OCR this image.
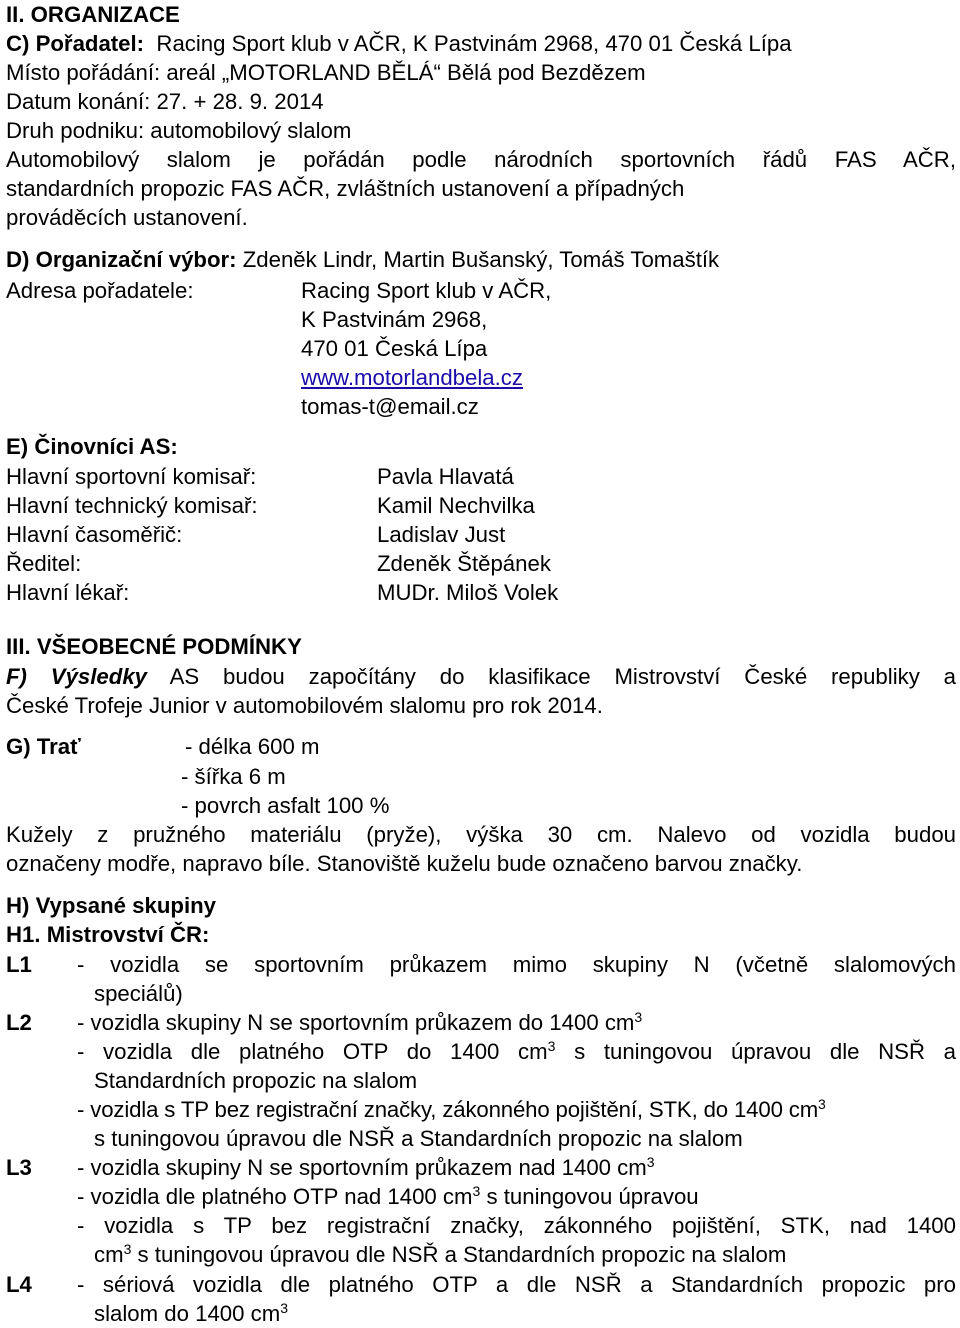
II. ORGANIZACE
C) Pořadatel: Racing Sport klub v AČR, K Pastvinám 2968, 470 01 Česká Lípa
Místo pořádání: areál „MOTORLAND BĚLÁ“ Bělá pod Bezdězem
Datum konání: 27. + 28. 9. 2014
Druh podniku: automobilový slalom
Automobilový slalom je pořádán podle národních sportovních řádů FAS AČR,
standardních propozic FAS AČR, zvláštních ustanovení a případných
prováděcích ustanovení.
D) Organizační výbor: Zdeněk Lindr, Martin Bušanský, Tomáš Tomaštík
Adresa pořadatele:	Racing Sport klub v AČR,
K Pastvinám 2968,
470 01 Česká Lípa
www.motorlandbela.cz
tomas-t@email.cz
E) Činovníci AS:
Hlavní sportovní komisař:	Pavla Hlavatá
Hlavní technický komisař:	Kamil Nechvilka
Hlavní časoměřič:	Ladislav Just
Ředitel:	Zdeněk Štěpánek
Hlavní lékař:	MUDr. Miloš Volek
III. VŠEOBECNÉ PODMÍNKY
F) Výsledky AS budou započítány do klasifikace Mistrovství České republiky a
České Trofeje Junior v automobilovém slalomu pro rok 2014.
G) Trať	- délka 600 m
- šířka 6 m
- povrch asfalt 100 %
Kužely z pružného materiálu (pryže), výška 30 cm. Nalevo od vozidla budou
označeny modře, napravo bíle. Stanoviště kuželu bude označeno barvou značky.
H) Vypsané skupiny
H1. Mistrovství ČR:
L1 - vozidla se sportovním průkazem mimo skupiny N (včetně slalomových
speciálů)
L2 - vozidla skupiny N se sportovním průkazem do 1400 $cm^3$
- vozidla dle platného OTP do 1400 $cm^3$ s tuningovou úpravou dle NSŘ a
Standardních propozic na slalom
- vozidla s TP bez registrační značky, zákonného pojištění, STK, do 1400 $cm^3$
s tuningovou úpravou dle NSŘ a Standardních propozic na slalom
L3 - vozidla skupiny N se sportovním průkazem nad 1400 $cm^3$
- vozidla dle platného OTP nad 1400 $cm^3$ s tuningovou úpravou
- vozidla s TP bez registrační značky, zákonného pojištění, STK, nad 1400
$cm^3$ s tuningovou úpravou dle NSŘ a Standardních propozic na slalom
L4 - sériová vozidla dle platného OTP a dle NSŘ a Standardních propozic pro
slalom do 1400 $cm^3$
